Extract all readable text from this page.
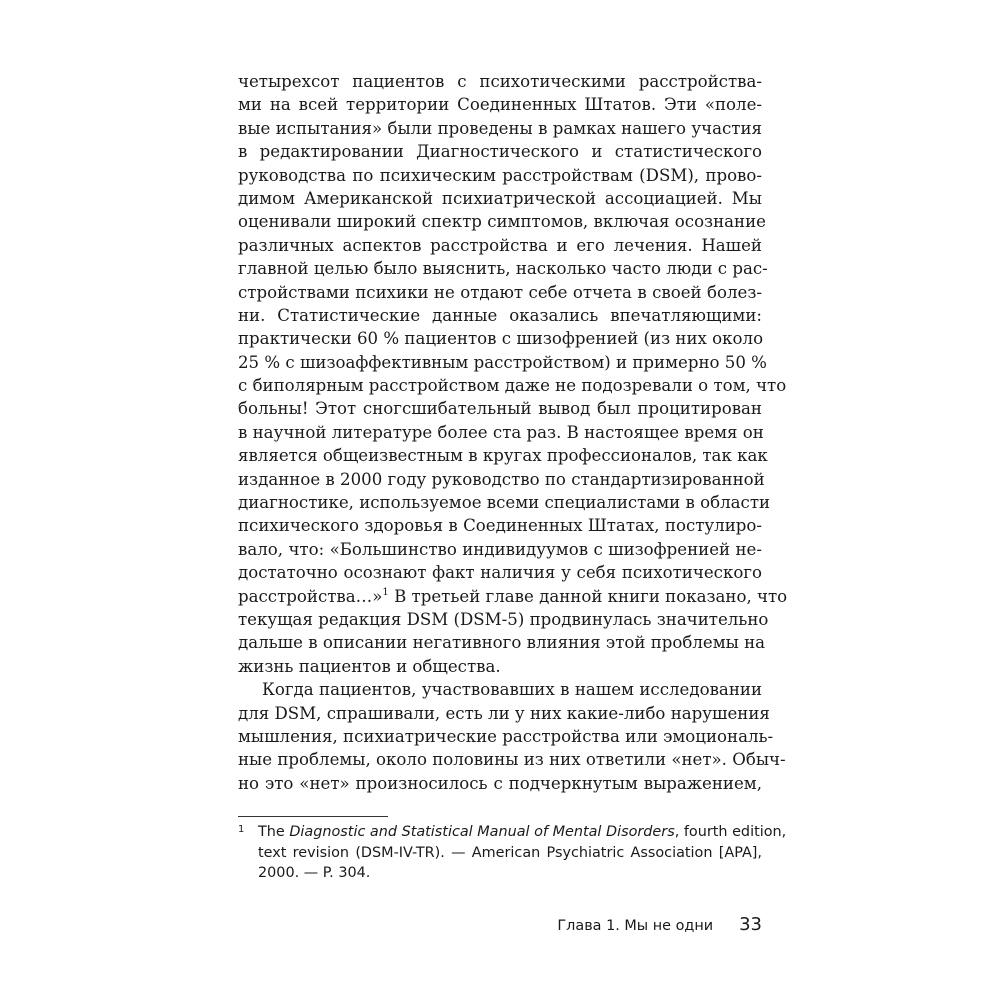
четырехсот пациентов с психотическими расстройства-
ми на всей территории Соединенных Штатов. Эти «поле-
вые испытания» были проведены в рамках нашего участия
в редактировании Диагностического и статистического
руководства по психическим расстройствам (DSM), прово-
димом Американской психиатрической ассоциацией. Мы
оценивали широкий спектр симптомов, включая осознание
различных аспектов расстройства и его лечения. Нашей
главной целью было выяснить, насколько часто люди с рас-
стройствами психики не отдают себе отчета в своей болез-
ни. Статистические данные оказались впечатляющими:
практически 60 % пациентов с шизофренией (из них около
25 % с шизоаффективным расстройством) и примерно 50 %
с биполярным расстройством даже не подозревали о том, что
больны! Этот сногсшибательный вывод был процитирован
в научной литературе более ста раз. В настоящее время он
является общеизвестным в кругах профессионалов, так как
изданное в 2000 году руководство по стандартизированной
диагностике, используемое всеми специалистами в области
психического здоровья в Соединенных Штатах, постулиро-
вало, что: «Большинство индивидуумов с шизофренией не-
достаточно осознают факт наличия у себя психотического
расстройства…»$^1$ В третьей главе данной книги показано, что
текущая редакция DSM (DSM-5) продвинулась значительно
дальше в описании негативного влияния этой проблемы на
жизнь пациентов и общества.
Когда пациентов, участвовавших в нашем исследовании
для DSM, спрашивали, есть ли у них какие-либо нарушения
мышления, психиатрические расстройства или эмоциональ-
ные проблемы, около половины из них ответили «нет». Обыч-
но это «нет» произносилось с подчеркнутым выражением,
1 The Diagnostic and Statistical Manual of Mental Disorders, fourth edition,
text revision (DSM-IV-TR). — American Psychiatric Association [APA],
2000. — P. 304.
Глава 1. Мы не одни 33
